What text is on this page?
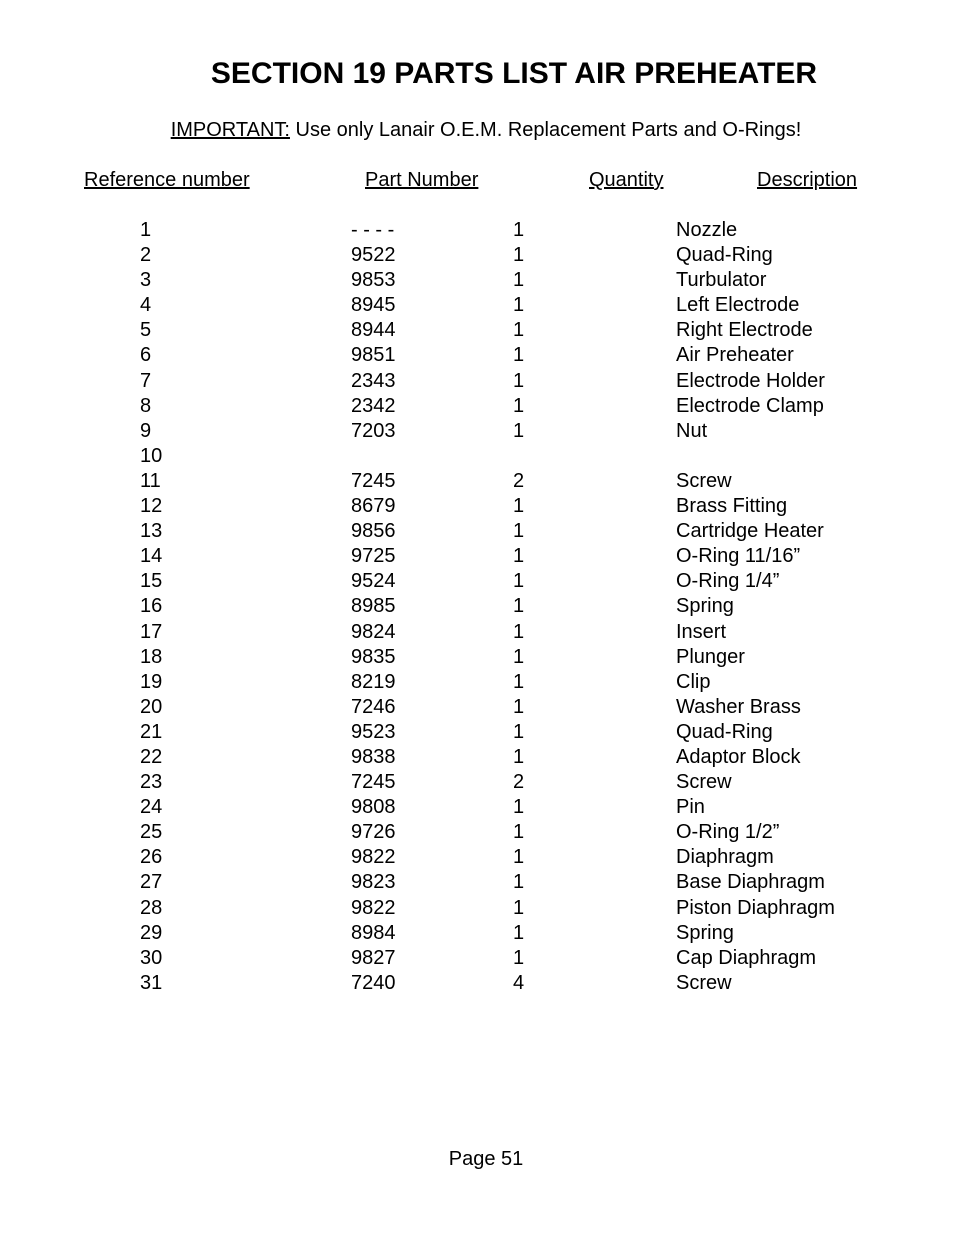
SECTION 19 PARTS LIST AIR PREHEATER
IMPORTANT: Use only Lanair O.E.M. Replacement Parts and O-Rings!
Reference number	Part Number	Quantity	Description
1	- - - -	1	Nozzle
2	9522	1	Quad-Ring
3	9853	1	Turbulator
4	8945	1	Left Electrode
5	8944	1	Right Electrode
6	9851	1	Air Preheater
7	2343	1	Electrode Holder
8	2342	1	Electrode Clamp
9	7203	1	Nut
10
11	7245	2	Screw
12	8679	1	Brass Fitting
13	9856	1	Cartridge Heater
14	9725	1	O-Ring 11/16”
15	9524	1	O-Ring 1/4”
16	8985	1	Spring
17	9824	1	Insert
18	9835	1	Plunger
19	8219	1	Clip
20	7246	1	Washer Brass
21	9523	1	Quad-Ring
22	9838	1	Adaptor Block
23	7245	2	Screw
24	9808	1	Pin
25	9726	1	O-Ring 1/2”
26	9822	1	Diaphragm
27	9823	1	Base Diaphragm
28	9822	1	Piston Diaphragm
29	8984	1	Spring
30	9827	1	Cap Diaphragm
31	7240	4	Screw
Page 51
